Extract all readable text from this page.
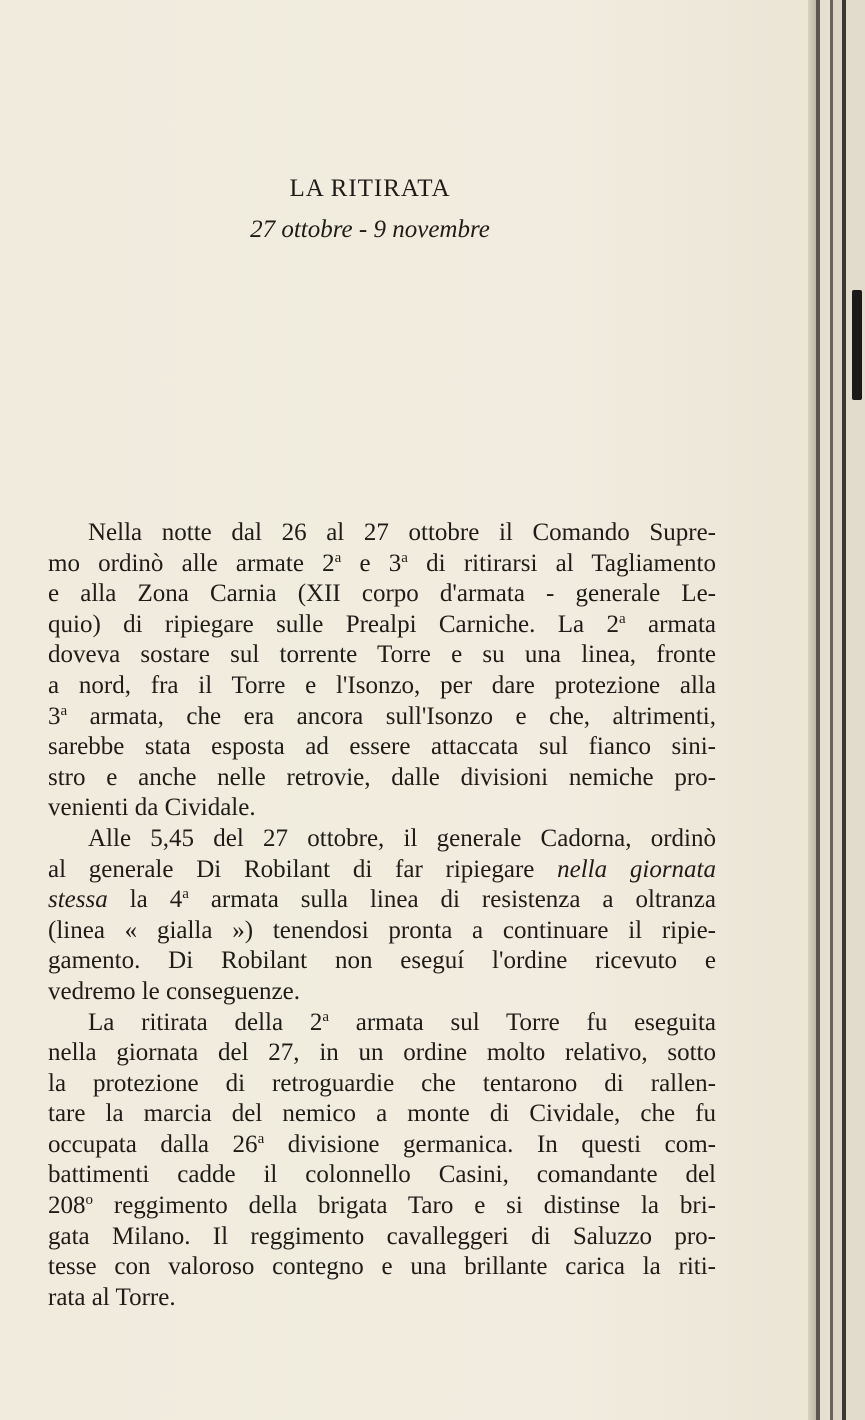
LA RITIRATA
27 ottobre - 9 novembre
Nella notte dal 26 al 27 ottobre il Comando Supre-
mo ordinò alle armate 2$^a$ e 3$^a$ di ritirarsi al Tagliamento
e alla Zona Carnia (XII corpo d'armata - generale Le-
quio) di ripiegare sulle Prealpi Carniche. La 2$^a$ armata
doveva sostare sul torrente Torre e su una linea, fronte
a nord, fra il Torre e l'Isonzo, per dare protezione alla
3$^a$ armata, che era ancora sull'Isonzo e che, altrimenti,
sarebbe stata esposta ad essere attaccata sul fianco sini-
stro e anche nelle retrovie, dalle divisioni nemiche pro-
venienti da Cividale.
Alle 5,45 del 27 ottobre, il generale Cadorna, ordinò
al generale Di Robilant di far ripiegare nella giornata
stessa la 4$^a$ armata sulla linea di resistenza a oltranza
(linea « gialla ») tenendosi pronta a continuare il ripie-
gamento. Di Robilant non eseguí l'ordine ricevuto e
vedremo le conseguenze.
La ritirata della 2$^a$ armata sul Torre fu eseguita
nella giornata del 27, in un ordine molto relativo, sotto
la protezione di retroguardie che tentarono di rallen-
tare la marcia del nemico a monte di Cividale, che fu
occupata dalla 26$^a$ divisione germanica. In questi com-
battimenti cadde il colonnello Casini, comandante del
208$^o$ reggimento della brigata Taro e si distinse la bri-
gata Milano. Il reggimento cavalleggeri di Saluzzo pro-
tesse con valoroso contegno e una brillante carica la riti-
rata al Torre.
